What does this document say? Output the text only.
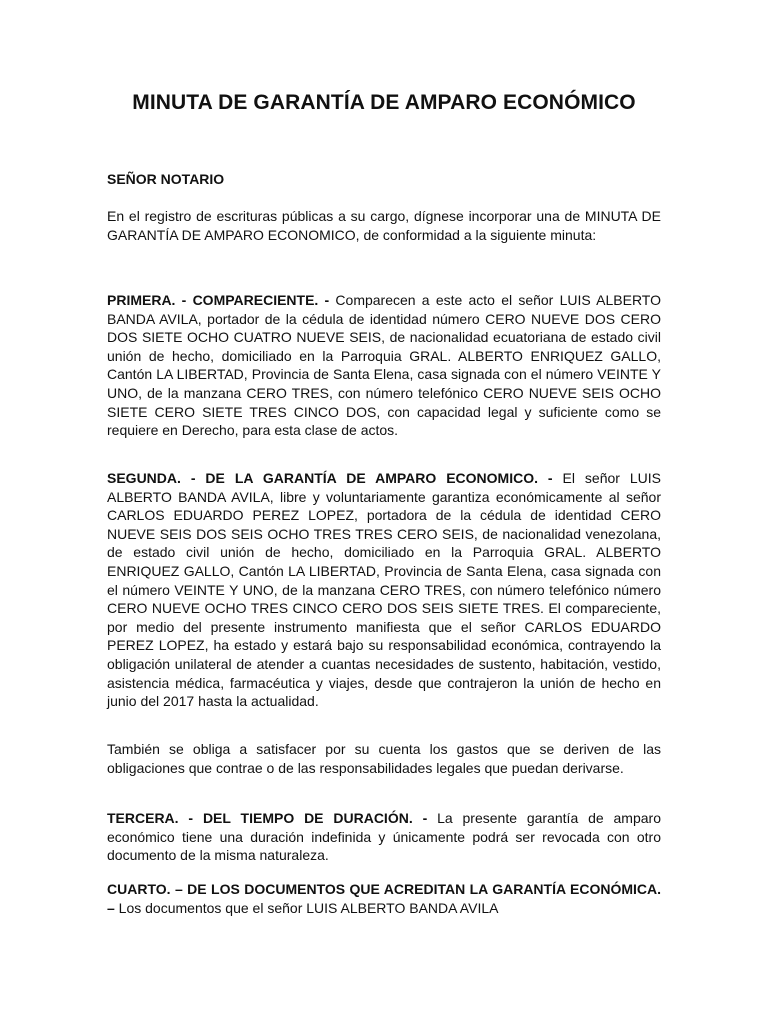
MINUTA DE GARANTÍA DE AMPARO ECONÓMICO
SEÑOR NOTARIO

En el registro de escrituras públicas a su cargo, dígnese incorporar una de MINUTA DE GARANTÍA DE AMPARO ECONOMICO, de conformidad a la siguiente minuta:

PRIMERA. - COMPARECIENTE. - Comparecen a este acto el señor LUIS ALBERTO BANDA AVILA, portador de la cédula de identidad número CERO NUEVE DOS CERO DOS SIETE OCHO CUATRO NUEVE SEIS, de nacionalidad ecuatoriana de estado civil unión de hecho, domiciliado en la Parroquia GRAL. ALBERTO ENRIQUEZ GALLO, Cantón LA LIBERTAD, Provincia de Santa Elena, casa signada con el número VEINTE Y UNO, de la manzana CERO TRES, con número telefónico CERO NUEVE SEIS OCHO SIETE CERO SIETE TRES CINCO DOS, con capacidad legal y suficiente como se requiere en Derecho, para esta clase de actos.

SEGUNDA. - DE LA GARANTÍA DE AMPARO ECONOMICO. - El señor LUIS ALBERTO BANDA AVILA, libre y voluntariamente garantiza económicamente al señor CARLOS EDUARDO PEREZ LOPEZ, portadora de la cédula de identidad CERO NUEVE SEIS DOS SEIS OCHO TRES TRES CERO SEIS, de nacionalidad venezolana, de estado civil unión de hecho, domiciliado en la Parroquia GRAL. ALBERTO ENRIQUEZ GALLO, Cantón LA LIBERTAD, Provincia de Santa Elena, casa signada con el número VEINTE Y UNO, de la manzana CERO TRES, con número telefónico número CERO NUEVE OCHO TRES CINCO CERO DOS SEIS SIETE TRES. El compareciente, por medio del presente instrumento manifiesta que el señor CARLOS EDUARDO PEREZ LOPEZ, ha estado y estará bajo su responsabilidad económica, contrayendo la obligación unilateral de atender a cuantas necesidades de sustento, habitación, vestido, asistencia médica, farmacéutica y viajes, desde que contrajeron la unión de hecho en junio del 2017 hasta la actualidad.

También se obliga a satisfacer por su cuenta los gastos que se deriven de las obligaciones que contrae o de las responsabilidades legales que puedan derivarse.

TERCERA. - DEL TIEMPO DE DURACIÓN. - La presente garantía de amparo económico tiene una duración indefinida y únicamente podrá ser revocada con otro documento de la misma naturaleza.

CUARTO. – DE LOS DOCUMENTOS QUE ACREDITAN LA GARANTÍA ECONÓMICA. – Los documentos que el señor LUIS ALBERTO BANDA AVILA
